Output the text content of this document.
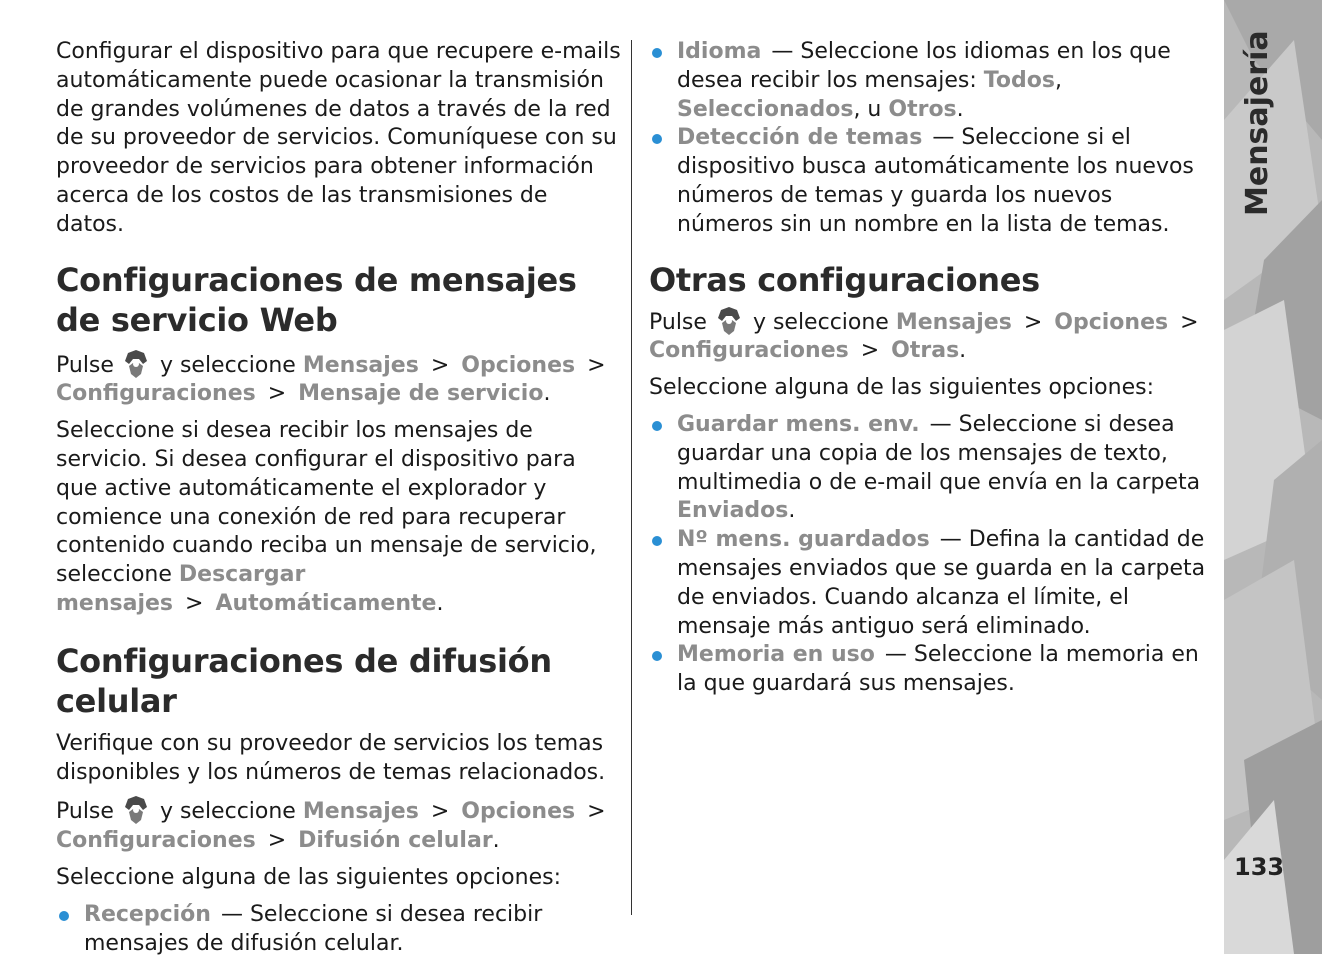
Configurar el dispositivo para que recupere e-mails automáticamente puede ocasionar la transmisión de grandes volúmenes de datos a través de la red de su proveedor de servicios. Comuníquese con su proveedor de servicios para obtener información acerca de los costos de las transmisiones de datos.

Configuraciones de mensajes de servicio Web

Pulse y seleccione Mensajes > Opciones >
Configuraciones > Mensaje de servicio.

Seleccione si desea recibir los mensajes de servicio. Si desea configurar el dispositivo para que active automáticamente el explorador y comience una conexión de red para recuperar contenido cuando reciba un mensaje de servicio, seleccione Descargar mensajes > Automáticamente.

Configuraciones de difusión celular

Verifique con su proveedor de servicios los temas disponibles y los números de temas relacionados.

Pulse y seleccione Mensajes > Opciones >
Configuraciones > Difusión celular.

Seleccione alguna de las siguientes opciones:

Recepción — Seleccione si desea recibir mensajes de difusión celular.
Idioma — Seleccione los idiomas en los que desea recibir los mensajes: Todos, Seleccionados, u Otros.
Detección de temas — Seleccione si el dispositivo busca automáticamente los nuevos números de temas y guarda los nuevos números sin un nombre en la lista de temas.
Otras configuraciones

Pulse y seleccione Mensajes > Opciones >
Configuraciones > Otras.

Seleccione alguna de las siguientes opciones:

Guardar mens. env. — Seleccione si desea guardar una copia de los mensajes de texto, multimedia o de e-mail que envía en la carpeta Enviados.
Nº mens. guardados — Defina la cantidad de mensajes enviados que se guarda en la carpeta de enviados. Cuando alcanza el límite, el mensaje más antiguo será eliminado.
Memoria en uso — Seleccione la memoria en la que guardará sus mensajes.
Mensajería
133
